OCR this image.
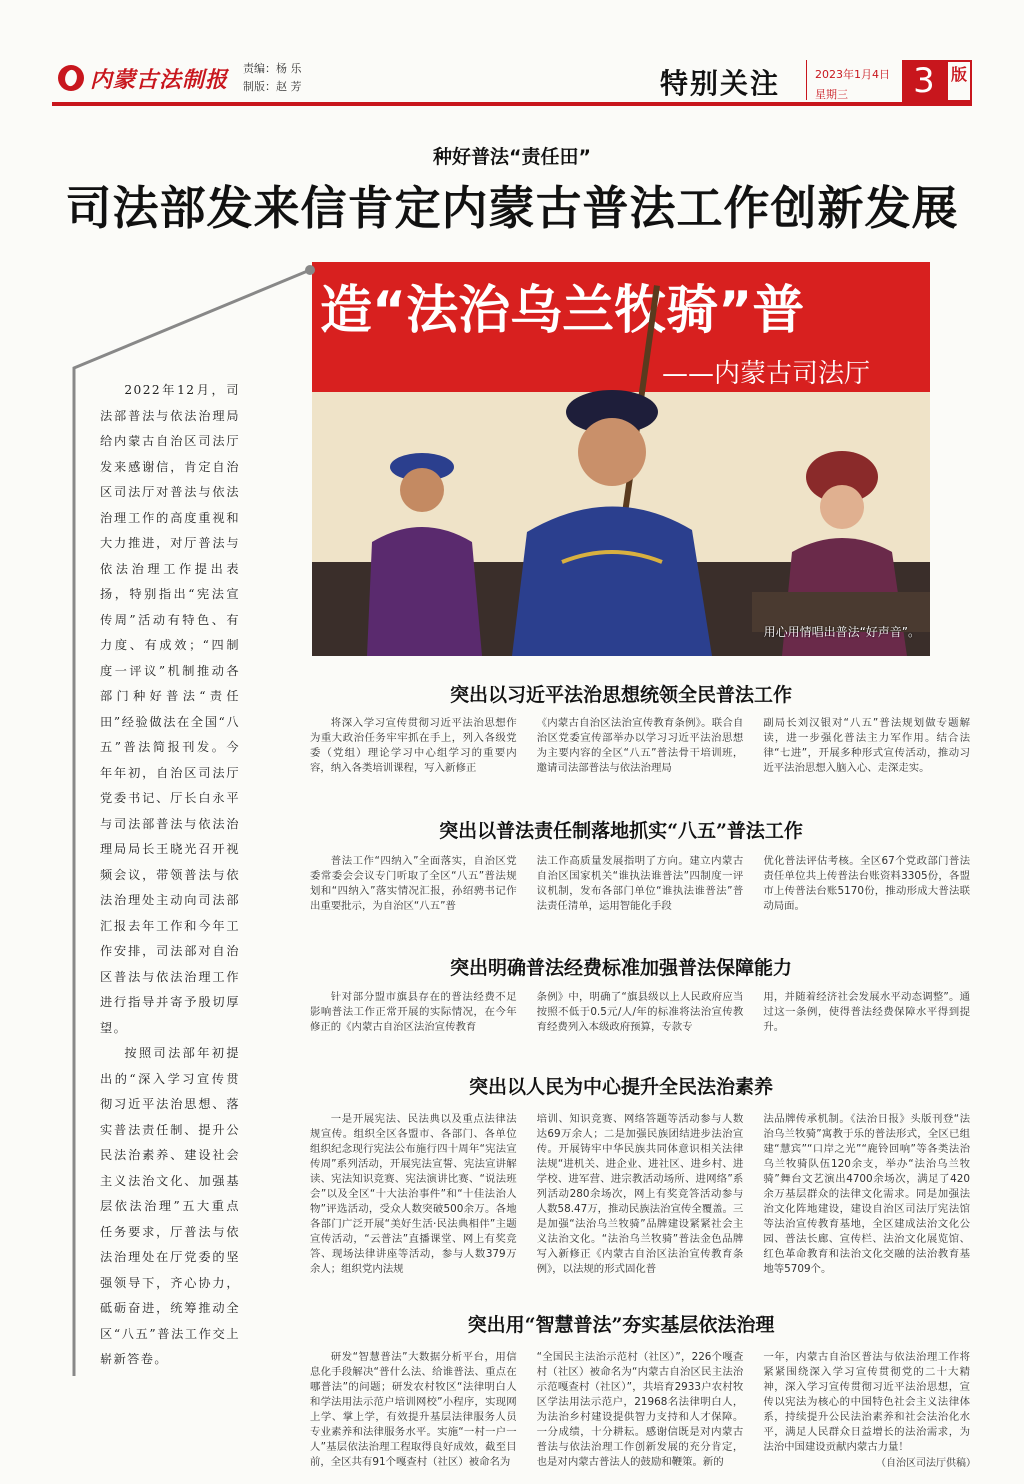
内蒙古法制报 责编：杨 乐
制版：赵 芳	特别关注	2023年1月4日
星期三	3	版
种好普法“责任田”
司法部发来信肯定内蒙古普法工作创新发展
造“法治乌兰牧骑”普
——内蒙古司法厅
用心用情唱出普法“好声音”。

2022年12月，司法部普法与依法治理局给内蒙古自治区司法厅发来感谢信，肯定自治区司法厅对普法与依法治理工作的高度重视和大力推进，对厅普法与依法治理工作提出表扬，特别指出“宪法宣传周”活动有特色、有力度、有成效；“四制度一评议”机制推动各部门种好普法“责任田”经验做法在全国“八五”普法简报刊发。今年年初，自治区司法厅党委书记、厅长白永平与司法部普法与依法治理局局长王晓光召开视频会议，带领普法与依法治理处主动向司法部汇报去年工作和今年工作安排，司法部对自治区普法与依法治理工作进行指导并寄予殷切厚望。

按照司法部年初提出的“深入学习宣传贯彻习近平法治思想、落实普法责任制、提升公民法治素养、建设社会主义法治文化、加强基层依法治理”五大重点任务要求，厅普法与依法治理处在厅党委的坚强领导下，齐心协力，砥砺奋进，统筹推动全区“八五”普法工作交上崭新答卷。

突出以习近平法治思想统领全民普法工作

将深入学习宣传贯彻习近平法治思想作为重大政治任务牢牢抓在手上，列入各级党委（党组）理论学习中心组学习的重要内容，纳入各类培训课程，写入新修正

《内蒙古自治区法治宣传教育条例》。联合自治区党委宣传部举办以学习习近平法治思想为主要内容的全区“八五”普法骨干培训班，邀请司法部普法与依法治理局

副局长刘汉银对“八五”普法规划做专题解读，进一步强化普法主力军作用。结合法律“七进”，开展多种形式宣传活动，推动习近平法治思想入脑入心、走深走实。

突出以普法责任制落地抓实“八五”普法工作

普法工作“四纳入”全面落实，自治区党委常委会会议专门听取了全区“八五”普法规划和“四纳入”落实情况汇报，孙绍骋书记作出重要批示，为自治区“八五”普

法工作高质量发展指明了方向。建立内蒙古自治区国家机关“谁执法谁普法”四制度一评议机制，发布各部门单位“谁执法谁普法”普法责任清单，运用智能化手段

优化普法评估考核。全区67个党政部门普法责任单位共上传普法台账资料3305份，各盟市上传普法台账5170份，推动形成大普法联动局面。

突出明确普法经费标准加强普法保障能力

针对部分盟市旗县存在的普法经费不足影响普法工作正常开展的实际情况，在今年修正的《内蒙古自治区法治宣传教育

条例》中，明确了“旗县级以上人民政府应当按照不低于0.5元/人/年的标准将法治宣传教育经费列入本级政府预算，专款专

用，并随着经济社会发展水平动态调整”。通过这一条例，使得普法经费保障水平得到提升。

突出以人民为中心提升全民法治素养

一是开展宪法、民法典以及重点法律法规宣传。组织全区各盟市、各部门、各单位组织纪念现行宪法公布施行四十周年“宪法宣传周”系列活动，开展宪法宣誓、宪法宣讲解读、宪法知识竞赛、宪法演讲比赛、“说法班会”以及全区“十大法治事件”和“十佳法治人物”评选活动，受众人数突破500余万。各地各部门广泛开展“美好生活·民法典相伴”主题宣传活动，“云普法”直播课堂、网上有奖竞答、现场法律讲座等活动，参与人数379万余人；组织党内法规

培训、知识竞赛、网络答题等活动参与人数达69万余人；二是加强民族团结进步法治宣传。开展铸牢中华民族共同体意识相关法律法规“进机关、进企业、进社区、进乡村、进学校、进军营、进宗教活动场所、进网络”系列活动280余场次，网上有奖竞答活动参与人数58.47万，推动民族法治宣传全覆盖。三是加强“法治乌兰牧骑”品牌建设紧紧社会主义法治文化。“法治乌兰牧骑”普法金色品牌写入新修正《内蒙古自治区法治宣传教育条例》，以法规的形式固化普

法品牌传承机制。《法治日报》头版刊登“法治乌兰牧骑”寓教于乐的普法形式，全区已组建“慧宾”“口岸之光”“鹿铃回响”等各类法治乌兰牧骑队伍120余支，举办“法治乌兰牧骑”舞台文艺演出4700余场次，满足了420余万基层群众的法律文化需求。同是加强法治文化阵地建设，建设自治区司法厅宪法馆等法治宣传教育基地，全区建成法治文化公园、普法长廊、宣传栏、法治文化展览馆、红色革命教育和法治文化交融的法治教育基地等5709个。

突出用“智慧普法”夯实基层依法治理

研发“智慧普法”大数据分析平台，用信息化手段解决“普什么法、给谁普法、重点在哪普法”的问题；研发农村牧区“法律明白人和学法用法示范户培训网校”小程序，实现网上学、掌上学，有效提升基层法律服务人员专业素养和法律服务水平。实施“一村一户一人”基层依法治理工程取得良好成效，截至目前，全区共有91个嘎查村（社区）被命名为

“全国民主法治示范村（社区）”，226个嘎查村（社区）被命名为“内蒙古自治区民主法治示范嘎查村（社区）”，共培育2933户农村牧区学法用法示范户，21968名法律明白人，为法治乡村建设提供智力支持和人才保障。一分成绩，十分耕耘。感谢信既是对内蒙古普法与依法治理工作创新发展的充分肯定，也是对内蒙古普法人的鼓励和鞭策。新的

一年，内蒙古自治区普法与依法治理工作将紧紧围绕深入学习宣传贯彻党的二十大精神，深入学习宣传贯彻习近平法治思想，宣传以宪法为核心的中国特色社会主义法律体系，持续提升公民法治素养和社会法治化水平，满足人民群众日益增长的法治需求，为法治中国建设贡献内蒙古力量！

（自治区司法厅供稿）
